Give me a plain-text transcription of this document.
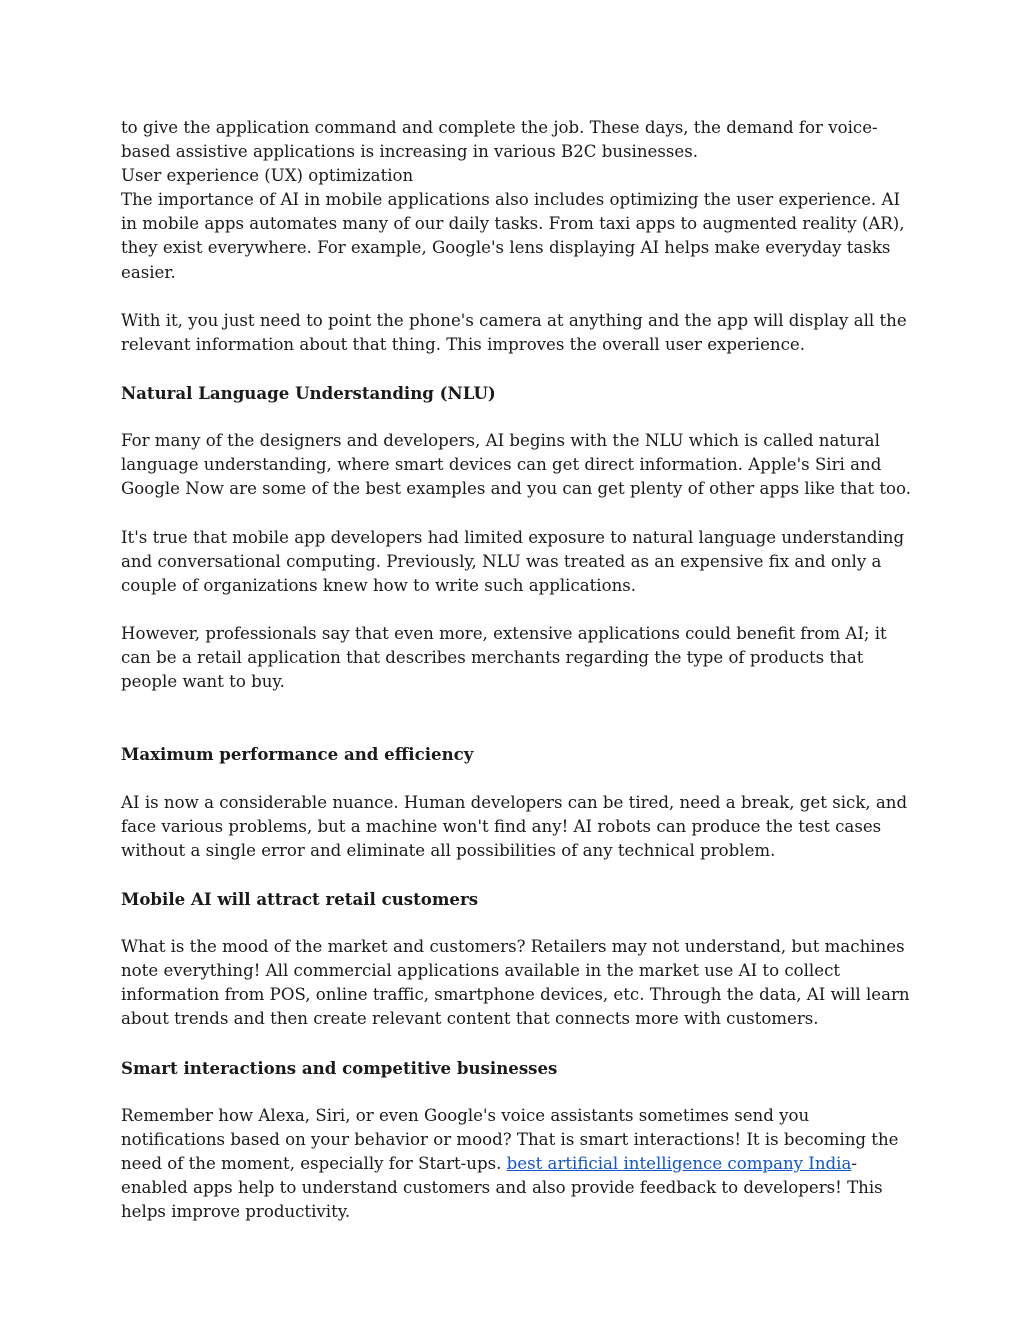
to give the application command and complete the job. These days, the demand for voice-based assistive applications is increasing in various B2C businesses.

User experience (UX) optimization

The importance of AI in mobile applications also includes optimizing the user experience. AI in mobile apps automates many of our daily tasks. From taxi apps to augmented reality (AR), they exist everywhere. For example, Google's lens displaying AI helps make everyday tasks easier.

With it, you just need to point the phone's camera at anything and the app will display all the relevant information about that thing. This improves the overall user experience.

Natural Language Understanding (NLU)

For many of the designers and developers, AI begins with the NLU which is called natural language understanding, where smart devices can get direct information. Apple's Siri and Google Now are some of the best examples and you can get plenty of other apps like that too.

It's true that mobile app developers had limited exposure to natural language understanding and conversational computing. Previously, NLU was treated as an expensive fix and only a couple of organizations knew how to write such applications.

However, professionals say that even more, extensive applications could benefit from AI; it can be a retail application that describes merchants regarding the type of products that people want to buy.

Maximum performance and efficiency

AI is now a considerable nuance. Human developers can be tired, need a break, get sick, and face various problems, but a machine won't find any! AI robots can produce the test cases without a single error and eliminate all possibilities of any technical problem.

Mobile AI will attract retail customers

What is the mood of the market and customers? Retailers may not understand, but machines note everything! All commercial applications available in the market use AI to collect information from POS, online traffic, smartphone devices, etc. Through the data, AI will learn about trends and then create relevant content that connects more with customers.

Smart interactions and competitive businesses

Remember how Alexa, Siri, or even Google's voice assistants sometimes send you notifications based on your behavior or mood? That is smart interactions! It is becoming the need of the moment, especially for Start-ups. best artificial intelligence company India-enabled apps help to understand customers and also provide feedback to developers! This helps improve productivity.
